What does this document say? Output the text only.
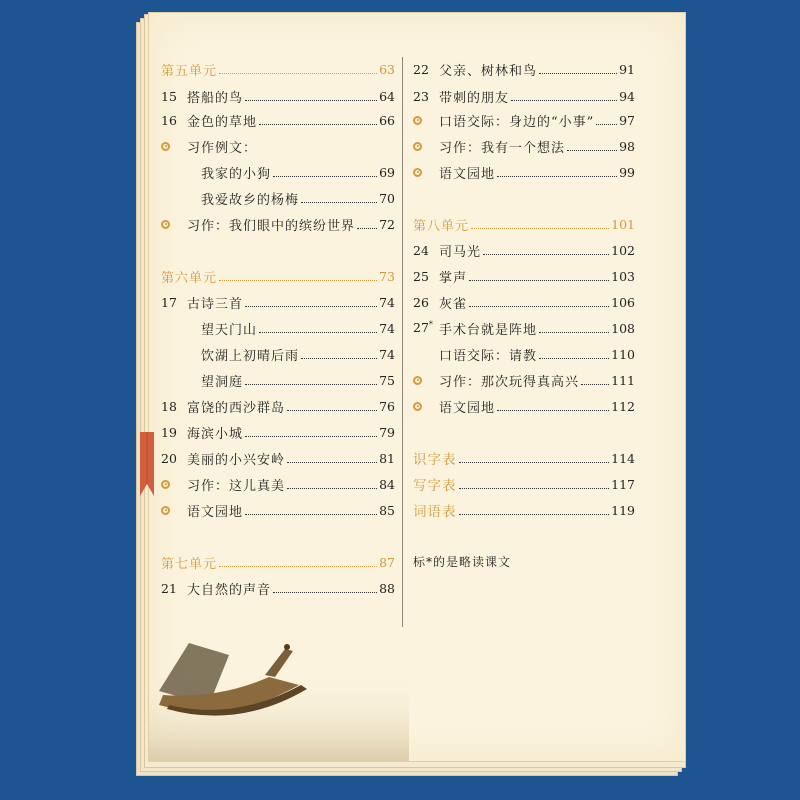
第五单元	63
15 搭船的鸟	64
16 金色的草地	66
习作例文：
我家的小狗	69
我爱故乡的杨梅	70
习作：我们眼中的缤纷世界 72
第六单元	73
17 古诗三首	74
望天门山	74
饮湖上初晴后雨	74
望洞庭	75
18 富饶的西沙群岛	76
19 海滨小城	79
20 美丽的小兴安岭	81
习作：这儿真美	84
语文园地	85
第七单元	87
21 大自然的声音	88
22 父亲、树林和鸟	91
23 带刺的朋友	94
口语交际：身边的“小事” 97
习作：我有一个想法	98
语文园地	99
第八单元	101
24 司马光	102
25 掌声	103
26 灰雀	106
27* 手术台就是阵地	108
口语交际：请教	110
习作：那次玩得真高兴	111
语文园地	112
识字表	114
写字表	117
词语表	119
标*的是略读课文
